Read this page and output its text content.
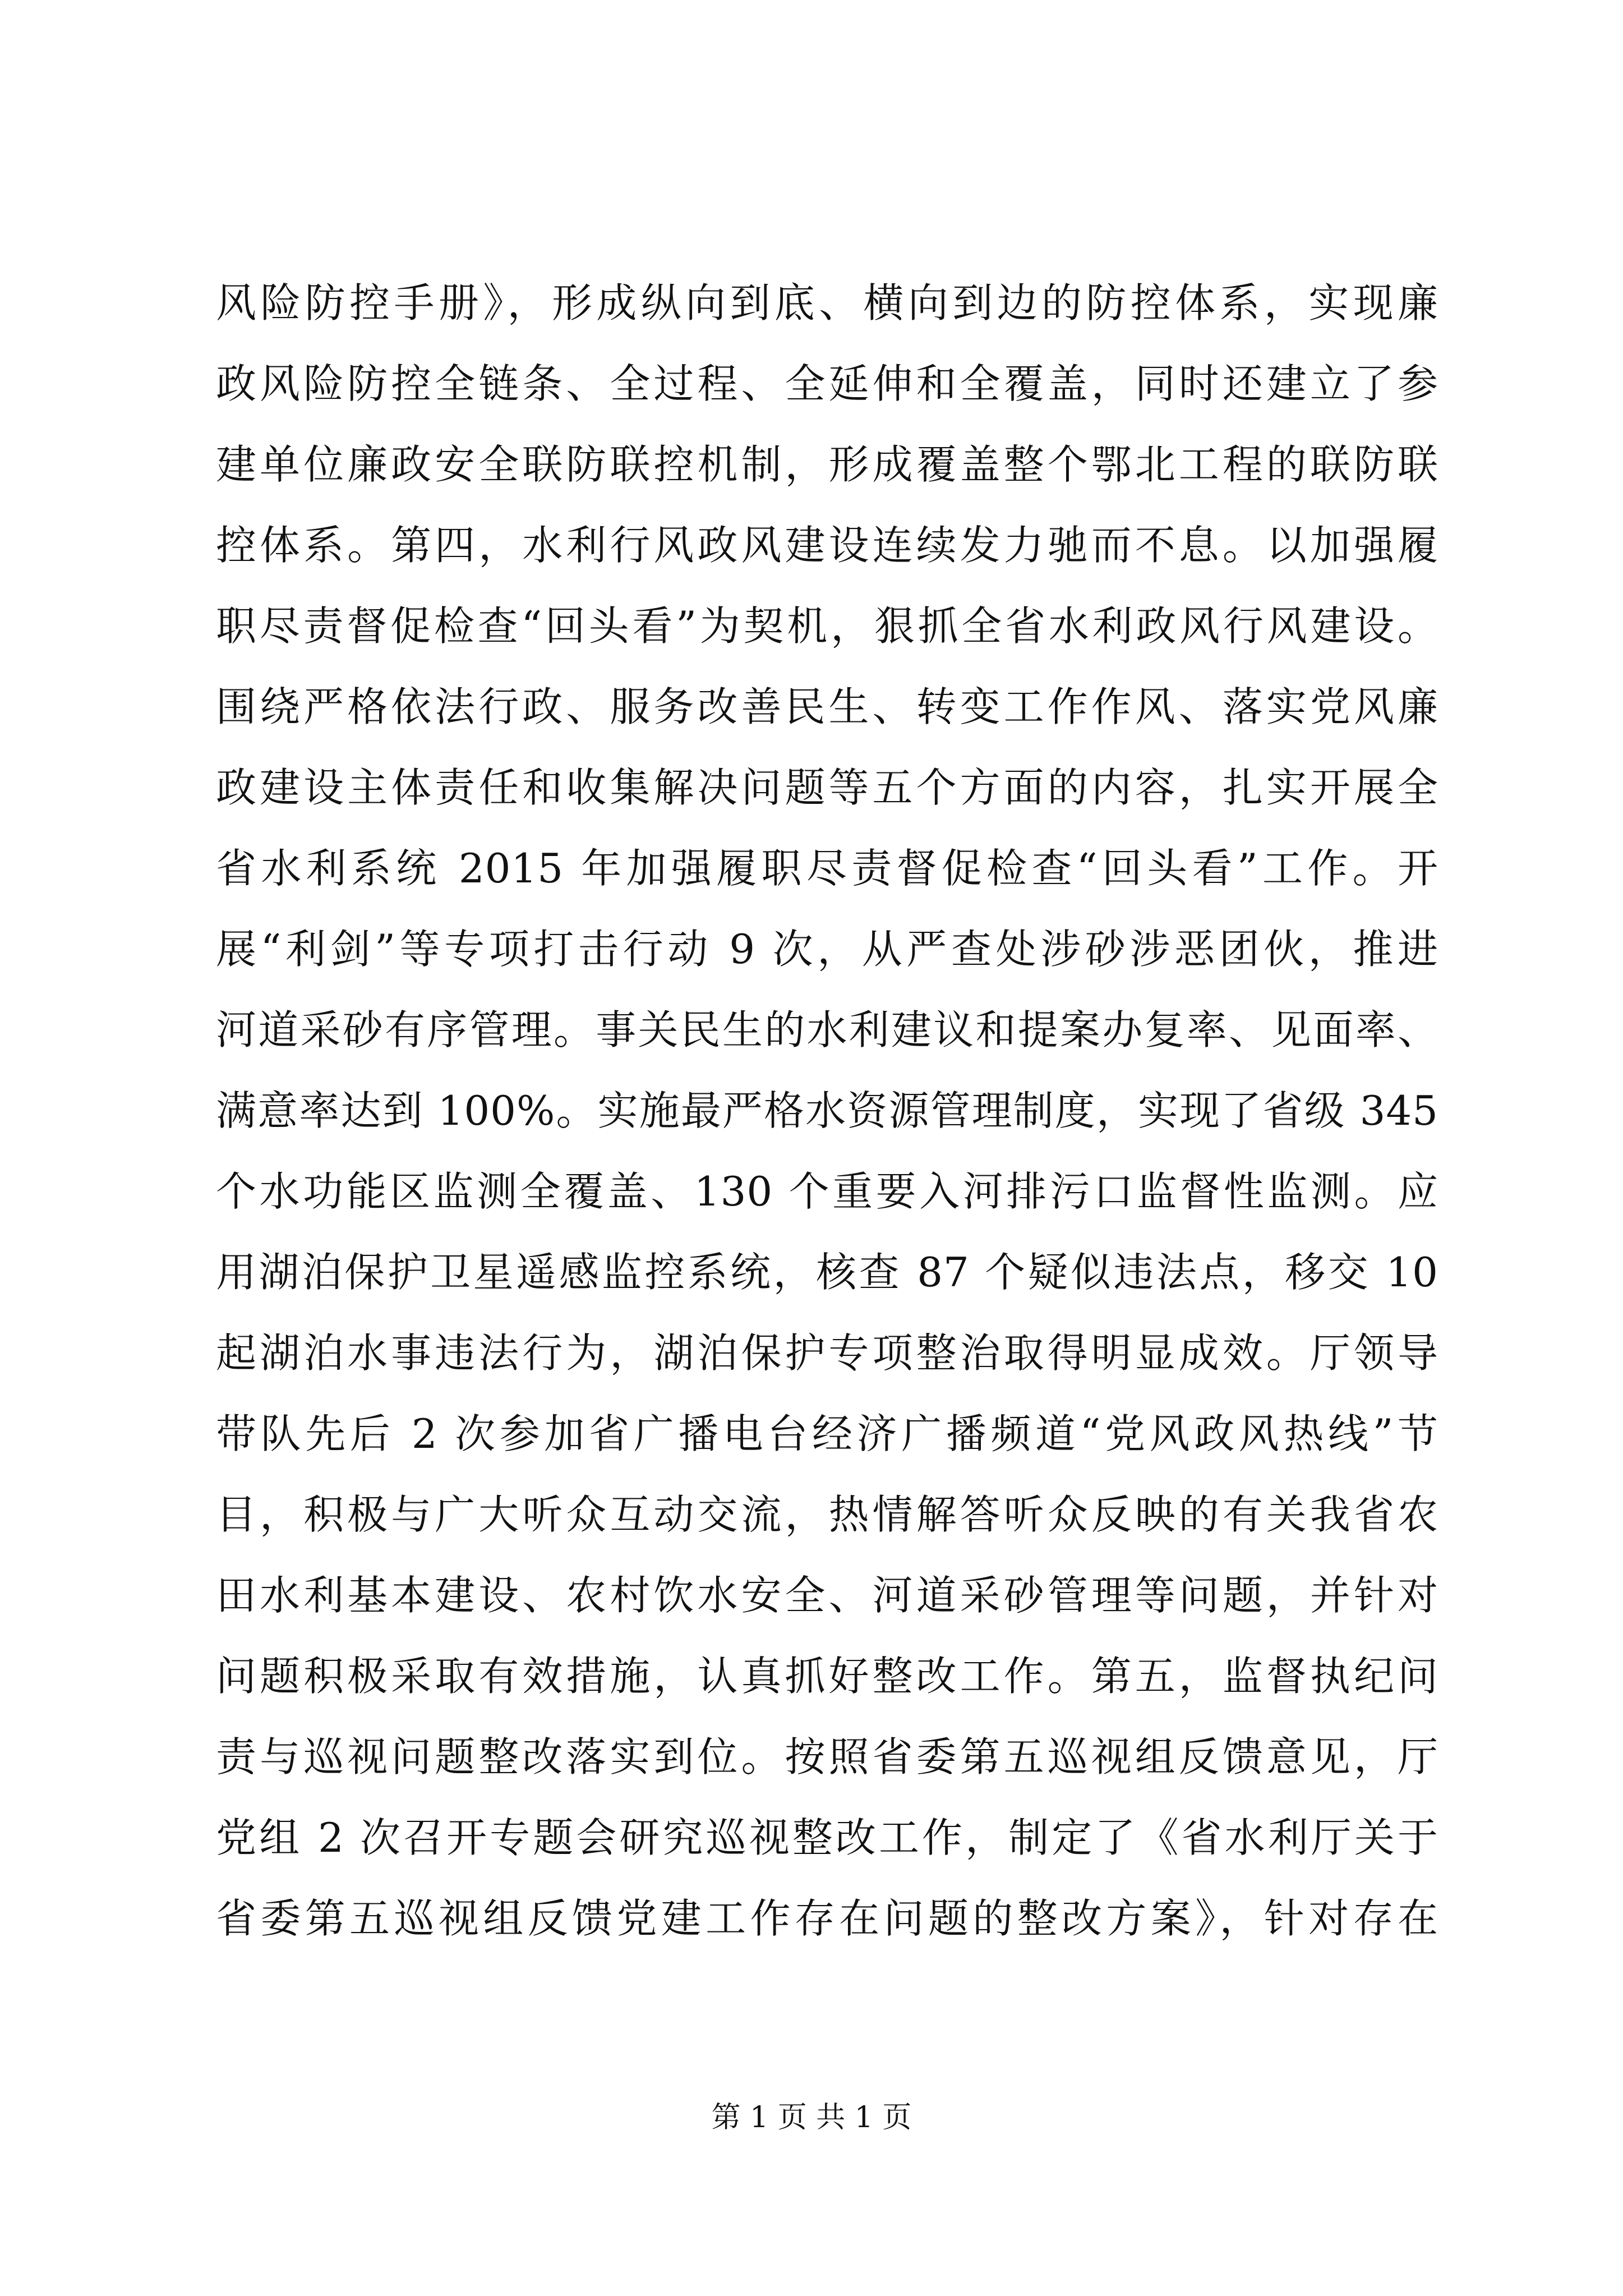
风险防控手册》，形成纵向到底、横向到边的防控体系，实现廉
政风险防控全链条、全过程、全延伸和全覆盖，同时还建立了参
建单位廉政安全联防联控机制，形成覆盖整个鄂北工程的联防联
控体系。第四，水利行风政风建设连续发力驰而不息。以加强履
职尽责督促检查“回头看”为契机，狠抓全省水利政风行风建设。
围绕严格依法行政、服务改善民生、转变工作作风、落实党风廉
政建设主体责任和收集解决问题等五个方面的内容，扎实开展全
省水利系统 2015 年加强履职尽责督促检查“回头看”工作。开
展“利剑”等专项打击行动 9 次，从严查处涉砂涉恶团伙，推进
河道采砂有序管理。事关民生的水利建议和提案办复率、见面率、
满意率达到 100%。实施最严格水资源管理制度，实现了省级 345
个水功能区监测全覆盖、130 个重要入河排污口监督性监测。应
用湖泊保护卫星遥感监控系统，核查 87 个疑似违法点，移交 10
起湖泊水事违法行为，湖泊保护专项整治取得明显成效。厅领导
带队先后 2 次参加省广播电台经济广播频道“党风政风热线”节
目，积极与广大听众互动交流，热情解答听众反映的有关我省农
田水利基本建设、农村饮水安全、河道采砂管理等问题，并针对
问题积极采取有效措施，认真抓好整改工作。第五，监督执纪问
责与巡视问题整改落实到位。按照省委第五巡视组反馈意见，厅
党组 2 次召开专题会研究巡视整改工作，制定了《省水利厅关于
省委第五巡视组反馈党建工作存在问题的整改方案》，针对存在
第 1 页 共 1 页
